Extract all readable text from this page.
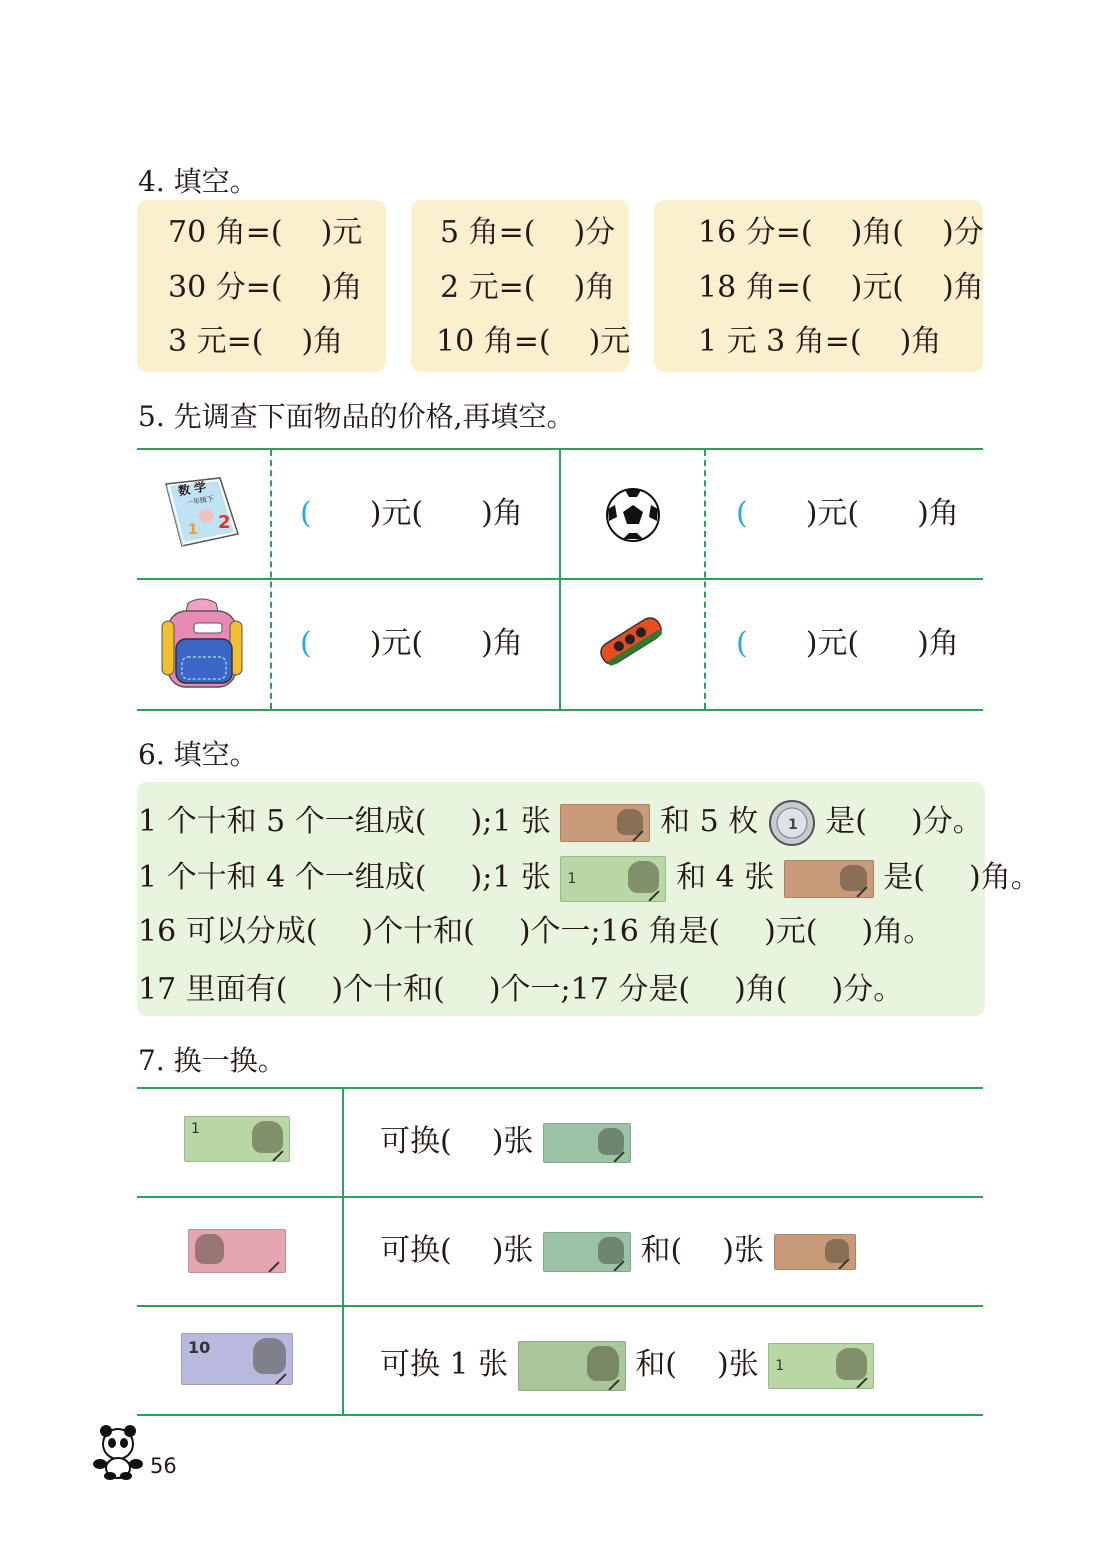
4. 填空。
70 角=( )元
30 分=( )角
3 元=( )角
5 角=( )分
2 元=( )角
10 角=( )元
16 分=( )角( )分
18 角=( )元( )角
1 元 3 角=( )角
5. 先调查下面物品的价格,再填空。
2
1
数 学
一年级下	( )元( )角	( )元( )角
( )元( )角	( )元( )角
6. 填空。
1 个十和 5 个一组成( );1 张	和 5 枚 1 是( )分。
1 个十和 4 个一组成( );1 张 1	和 4 张	是( )角。
16 可以分成( )个十和( )个一;16 角是( )元( )角。
17 里面有( )个十和( )个一;17 分是( )角( )分。
7. 换一换。
1	可换( )张
可换( )张	和( )张
10	可换 1 张	和( )张 1
56
